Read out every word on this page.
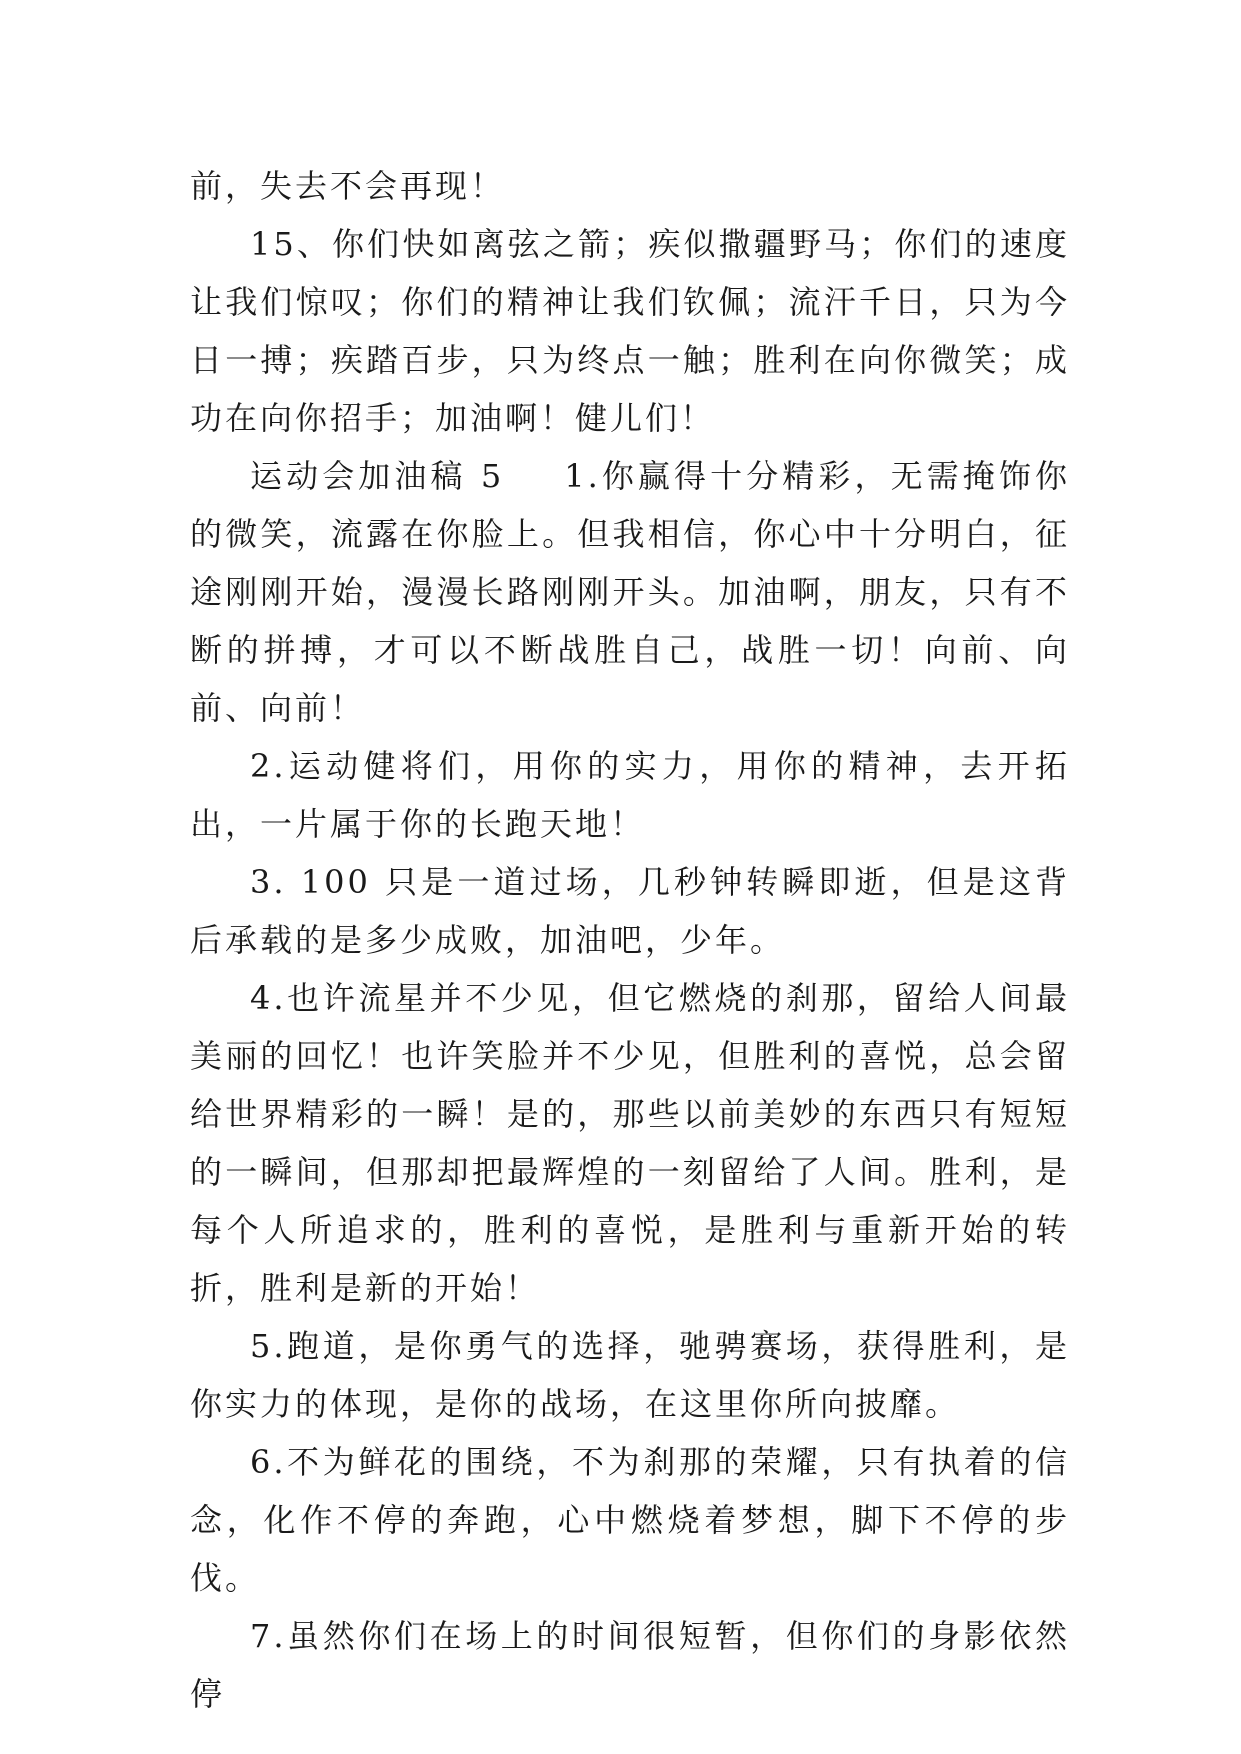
前，失去不会再现！

15、你们快如离弦之箭；疾似撒疆野马；你们的速度让我们惊叹；你们的精神让我们钦佩；流汗千日，只为今日一搏；疾踏百步，只为终点一触；胜利在向你微笑；成功在向你招手；加油啊！健儿们！

运动会加油稿 5 1.你赢得十分精彩，无需掩饰你的微笑，流露在你脸上。但我相信，你心中十分明白，征途刚刚开始，漫漫长路刚刚开头。加油啊，朋友，只有不断的拼搏，才可以不断战胜自己，战胜一切！向前、向前、向前！

2.运动健将们，用你的实力，用你的精神，去开拓出，一片属于你的长跑天地！

3. 100 只是一道过场，几秒钟转瞬即逝，但是这背后承载的是多少成败，加油吧，少年。

4.也许流星并不少见，但它燃烧的刹那，留给人间最美丽的回忆！也许笑脸并不少见，但胜利的喜悦，总会留给世界精彩的一瞬！是的，那些以前美妙的东西只有短短的一瞬间，但那却把最辉煌的一刻留给了人间。胜利，是每个人所追求的，胜利的喜悦，是胜利与重新开始的转折，胜利是新的开始！

5.跑道，是你勇气的选择，驰骋赛场，获得胜利，是你实力的体现，是你的战场，在这里你所向披靡。

6.不为鲜花的围绕，不为刹那的荣耀，只有执着的信念，化作不停的奔跑，心中燃烧着梦想，脚下不停的步伐。

7.虽然你们在场上的时间很短暂，但你们的身影依然停
